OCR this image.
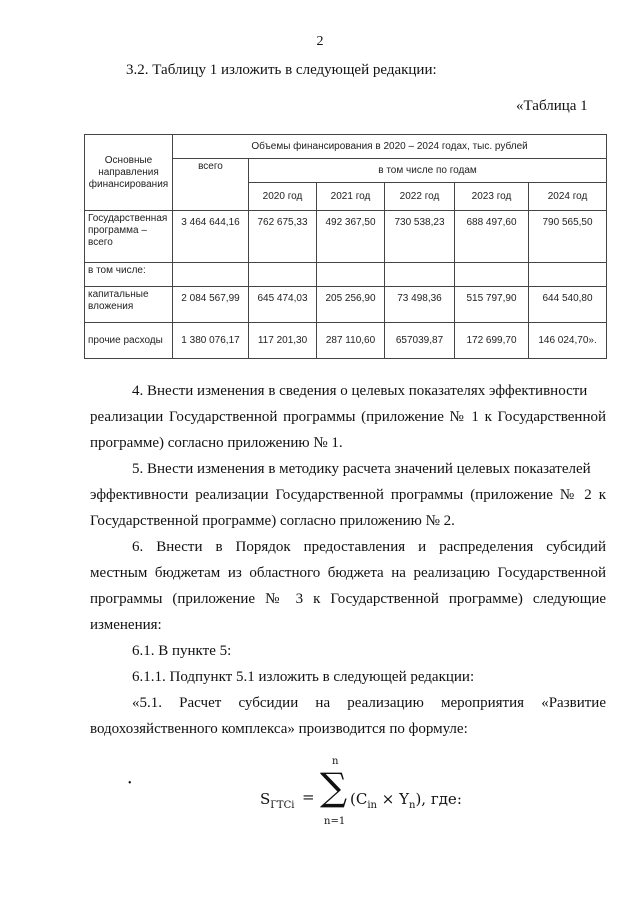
2
3.2. Таблицу 1 изложить в следующей редакции:
«Таблица 1
Основные направления финансирования	Объемы финансирования в 2020 – 2024 годах, тыс. рублей					
	всего	в том числе по годам				
		2020 год	2021 год	2022 год	2023 год	2024 год
Государственная программа – всего	3 464 644,16	762 675,33	492 367,50	730 538,23	688 497,60	790 565,50
в том числе:						
капитальные вложения	2 084 567,99	645 474,03	205 256,90	73 498,36	515 797,90	644 540,80
прочие расходы	1 380 076,17	117 201,30	287 110,60	657039,87	172 699,70	146 024,70».
4. Внести изменения в сведения о целевых показателях эффективности
реализации Государственной программы (приложение № 1 к Государственной
программе) согласно приложению № 1.
5. Внести изменения в методику расчета значений целевых показателей
эффективности реализации Государственной программы (приложение № 2 к
Государственной программе) согласно приложению № 2.
6. Внести в Порядок предоставления и распределения субсидий
местным бюджетам из областного бюджета на реализацию Государственной
программы (приложение № 3 к Государственной программе) следующие
изменения:
6.1. В пункте 5:
6.1.1. Подпункт 5.1 изложить в следующей редакции:
«5.1. Расчет субсидии на реализацию мероприятия «Развитие
водохозяйственного комплекса» производится по формуле:
•
$S_{ГТСi}$ =
n
∑
n=1
$(C_{in} \times Y_n)$, где:
